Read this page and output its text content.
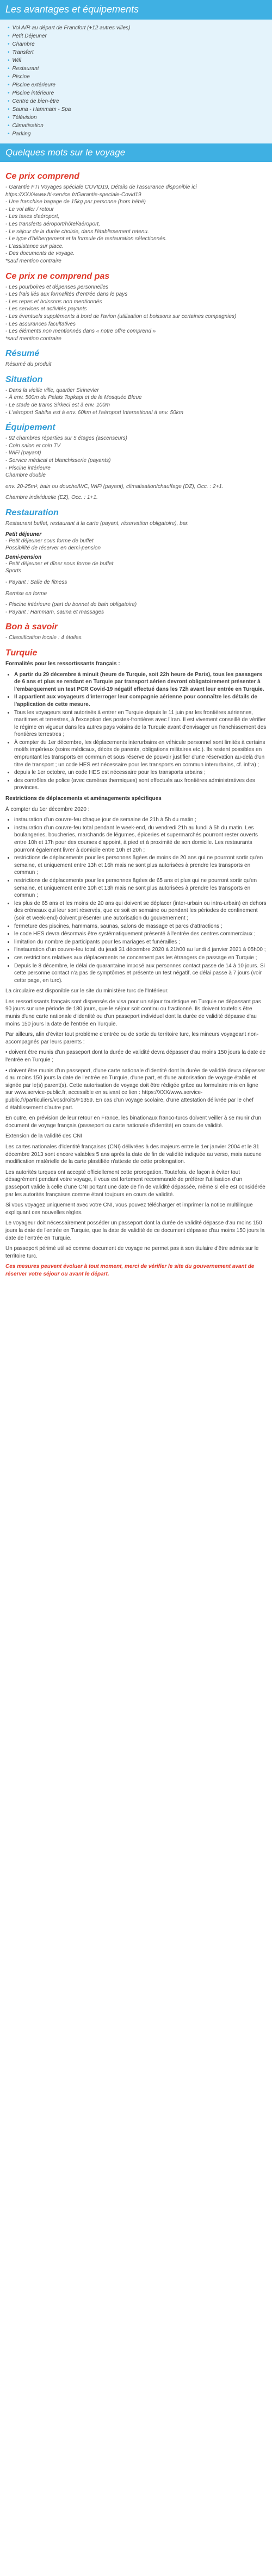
Les avantages et équipements
• Vol A/R au départ de Francfort (+12 autres villes)
• Petit Déjeuner
• Chambre
• Transfert
• Wifi
• Restaurant
• Piscine
• Piscine extérieure
• Piscine intérieure
• Centre de bien-être
• Sauna - Hammam - Spa
• Télévision
• Climatisation
• Parking
Quelques mots sur le voyage
Ce prix comprend

- Garantie FTI Voyages spéciale COVID19, Détails de l'assurance disponible ici

https://XXX/www.fti-service.fr/Garantie-speciale-Covid19

- Une franchise bagage de 15kg par personne (hors bébé)

- Le vol aller / retour

- Les taxes d'aéroport,

- Les transferts aéroport/hôtel/aéroport,

- Le séjour de la durée choisie, dans l'établissement retenu.

- Le type d'hébergement et la formule de restauration sélectionnés.

- L'assistance sur place.

- Des documents de voyage.

*sauf mention contraire

Ce prix ne comprend pas

- Les pourboires et dépenses personnelles

- Les frais liés aux formalités d'entrée dans le pays

- Les repas et boissons non mentionnés

- Les services et activités payants

- Les éventuels suppléments à bord de l'avion (utilisation et boissons sur certaines compagnies)

- Les assurances facultatives

- Les éléments non mentionnés dans « notre offre comprend »

*sauf mention contraire

Résumé

Résumé du produit

Situation

- Dans la vieille ville, quartier Sirinevler

- À env. 500m du Palais Topkapi et de la Mosquée Bleue

- Le stade de trams Sirkeci est à env. 100m

- L'aéroport Sabiha est à env. 60km et l'aéroport International à env. 50km

Équipement

- 92 chambres réparties sur 5 étages (ascenseurs)

- Coin salon et coin TV

- WiFi (payant)

- Service médical et blanchisserie (payants)

- Piscine intérieure

Chambre double

env. 20-25m², bain ou douche/WC, WiFi (payant), climatisation/chauffage (DZ), Occ. : 2+1.

Chambre individuelle (EZ), Occ. : 1+1.

Restauration

Restaurant buffet, restaurant à la carte (payant, réservation obligatoire), bar.

Petit déjeuner

- Petit déjeuner sous forme de buffet

Possibilité de réserver en demi-pension

Demi-pension

- Petit déjeuner et dîner sous forme de buffet

Sports

- Payant : Salle de fitness

Remise en forme

- Piscine intérieure (part du bonnet de bain obligatoire)

- Payant : Hammam, sauna et massages

Bon à savoir

- Classification locale : 4 étoiles.

Turquie

Formalités pour les ressortissants français :

• A partir du 29 décembre à minuit (heure de Turquie, soit 22h heure de Paris), tous les passagers de 6 ans et plus se rendant en Turquie par transport aérien devront obligatoirement présenter à l'embarquement un test PCR Covid-19 négatif effectué dans les 72h avant leur entrée en Turquie.
• Il appartient aux voyageurs d'interroger leur compagnie aérienne pour connaître les détails de l'application de cette mesure.
• Tous les voyageurs sont autorisés à entrer en Turquie depuis le 11 juin par les frontières aériennes, maritimes et terrestres, à l'exception des postes-frontières avec l'Iran. Il est vivement conseillé de vérifier le régime en vigueur dans les autres pays voisins de la Turquie avant d'envisager un franchissement des frontières terrestres ;
• À compter du 1er décembre, les déplacements interurbains en véhicule personnel sont limités à certains motifs impérieux (soins médicaux, décès de parents, obligations militaires etc.). Ils restent possibles en empruntant les transports en commun et sous réserve de pouvoir justifier d'une réservation au-delà d'un titre de transport ; un code HES est nécessaire pour les transports en commun interurbains, cf. infra) ;
• depuis le 1er octobre, un code HES est nécessaire pour les transports urbains ;
• des contrôles de police (avec caméras thermiques) sont effectués aux frontières administratives des provinces.

Restrictions de déplacements et aménagements spécifiques

À compter du 1er décembre 2020 :

• instauration d'un couvre-feu chaque jour de semaine de 21h à 5h du matin ;
• instauration d'un couvre-feu total pendant le week-end, du vendredi 21h au lundi à 5h du matin. Les boulangeries, boucheries, marchands de légumes, épiceries et supermarchés pourront rester ouverts entre 10h et 17h pour des courses d'appoint, à pied et à proximité de son domicile. Les restaurants pourront également livrer à domicile entre 10h et 20h ;
• restrictions de déplacements pour les personnes âgées de moins de 20 ans qui ne pourront sortir qu'en semaine, et uniquement entre 13h et 16h mais ne sont plus autorisées à prendre les transports en commun ;
• restrictions de déplacements pour les personnes âgées de 65 ans et plus qui ne pourront sortir qu'en semaine, et uniquement entre 10h et 13h mais ne sont plus autorisées à prendre les transports en commun ;
• les plus de 65 ans et les moins de 20 ans qui doivent se déplacer (inter-urbain ou intra-urbain) en dehors des créneaux qui leur sont réservés, que ce soit en semaine ou pendant les périodes de confinement (soir et week-end) doivent présenter une autorisation du gouvernement ;
• fermeture des piscines, hammams, saunas, salons de massage et parcs d'attractions ;
• le code HES devra désormais être systématiquement présenté à l'entrée des centres commerciaux ;
• limitation du nombre de participants pour les mariages et funérailles ;
• l'instauration d'un couvre-feu total, du jeudi 31 décembre 2020 à 21h00 au lundi 4 janvier 2021 à 05h00 ;
• ces restrictions relatives aux déplacements ne concernent pas les étrangers de passage en Turquie ;
• Depuis le 8 décembre, le délai de quarantaine imposé aux personnes contact passe de 14 à 10 jours. Si cette personne contact n'a pas de symptômes et présente un test négatif, ce délai passe à 7 jours (voir cette page, en turc).

La circulaire est disponible sur le site du ministère turc de l'Intérieur.

Les ressortissants français sont dispensés de visa pour un séjour touristique en Turquie ne dépassant pas 90 jours sur une période de 180 jours, que le séjour soit continu ou fractionné. Ils doivent toutefois être munis d'une carte nationale d'identité ou d'un passeport individuel dont la durée de validité dépasse d'au moins 150 jours la date de l'entrée en Turquie.

Par ailleurs, afin d'éviter tout problème d'entrée ou de sortie du territoire turc, les mineurs voyageant non-accompagnés par leurs parents :

• doivent être munis d'un passeport dont la durée de validité devra dépasser d'au moins 150 jours la date de l'entrée en Turquie ;

• doivent être munis d'un passeport, d'une carte nationale d'identité dont la durée de validité devra dépasser d'au moins 150 jours la date de l'entrée en Turquie, d'une part, et d'une autorisation de voyage établie et signée par le(s) parent(s). Cette autorisation de voyage doit être rédigée grâce au formulaire mis en ligne sur www.service-public.fr, accessible en suivant ce lien : https://XXX/www.service-public.fr/particuliers/vosdroits/F1359. En cas d'un voyage scolaire, d'une attestation délivrée par le chef d'établissement d'autre part.

En outre, en prévision de leur retour en France, les binationaux franco-turcs doivent veiller à se munir d'un document de voyage français (passeport ou carte nationale d'identité) en cours de validité.

Extension de la validité des CNI

Les cartes nationales d'identité françaises (CNI) délivrées à des majeurs entre le 1er janvier 2004 et le 31 décembre 2013 sont encore valables 5 ans après la date de fin de validité indiquée au verso, mais aucune modification matérielle de la carte plastifiée n'atteste de cette prolongation.

Les autorités turques ont accepté officiellement cette prorogation. Toutefois, de façon à éviter tout désagrément pendant votre voyage, il vous est fortement recommandé de préférer l'utilisation d'un passeport valide à celle d'une CNI portant une date de fin de validité dépassée, même si elle est considérée par les autorités françaises comme étant toujours en cours de validité.

Si vous voyagez uniquement avec votre CNI, vous pouvez télécharger et imprimer la notice multilingue expliquant ces nouvelles règles.

Le voyageur doit nécessairement posséder un passeport dont la durée de validité dépasse d'au moins 150 jours la date de l'entrée en Turquie, que la date de validité de ce document dépasse d'au moins 150 jours la date de l'entrée en Turquie.

Un passeport périmé utilisé comme document de voyage ne permet pas à son titulaire d'être admis sur le territoire turc.

Ces mesures peuvent évoluer à tout moment, merci de vérifier le site du gouvernement avant de réserver votre séjour ou avant le départ.
